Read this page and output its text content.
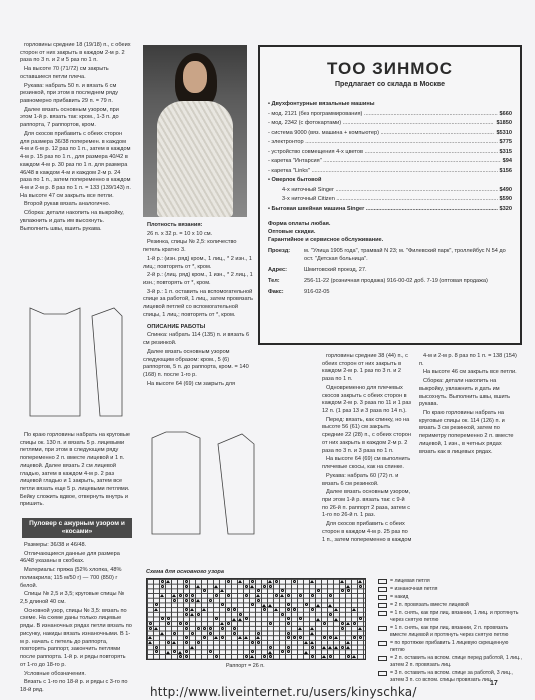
горловины средние 18 (19/18) п., с обеих сторон от них закрыть в каждом 2-м р. 2 раза по 3 п. и 2 и 5 раз по 1 п.

На высоте 70 (71/72) см закрыть оставшиеся петли плеча.

Рукава: набрать 50 п. и вязать 6 см резинкой, при этом в последнем ряду равномерно прибавить 29 п. = 79 п.

Далее вязать основным узором, при этом 1-й р. вязать так: кром., 1-3 п. до раппорта, 7 раппортов, кром.

Для скосов прибавить с обеих сторон для размера 36/38 поперемен. в каждом 4-м и 6-м р. 12 раз по 1 п., затем в каждом 4-м р. 15 раз по 1 п., для размера 40/42 в каждом 4-м р. 30 раз по 1 п. для размера 46/48 в каждом 4-м и каждом 2-м р. 24 раза по 1 п., затем попеременно в каждом 4-м и 2-м р. 8 раз по 1 п. = 133 (139/143) п. На высоте 47 см закрыть все петли.

Второй рукав вязать аналогично.

Сборка: детали накопить на выкройку, увлажнить и дать им высохнуть. Выполнить швы, вшить рукава.

По краю горловины набрать на круговые спицы ок. 130 п. и вязать 5 р. лицевыми петлями, при этом в следующем ряду попеременно 2 п. вместе лицевой и 1 п. лицевой. Далее вязать 2 см лицевой гладью, затем в каждом 4-м р. 2 раз лицевой гладью и 1 закрыть, затем все петли вязать еще 5 р. лицевыми петлями. Бейку сложить вдвое, отвернуть внутрь и пришить.

Пуловер с ажурным узором и «косами»

Размеры: 36/38 и 46/48.

Отличающиеся данные для размера 46/48 указаны в скобках.

Материалы: пряжа (52% хлопка, 48% полиакрила; 115 м/50 г) — 700 (850) г белой.

Спицы № 2,5 и 3,5; круговые спицы № 2,5 длиной 40 см.

Основной узор, спицы № 3,5: вязать по схеме. На схеме даны только лицевые ряды. В изнаночных рядах петли вязать по рисунку, накиды вязать изнаночными. В 1-м р. начать с петель до раппорта, повторять раппорт, закончить петлями после раппорта. 1-й р. и ряды повторять от 1-го до 18-го р.

Условные обозначения.

Вязать с 1-го по 18-й р. и ряды с 3-го по 18-й ряд.

Плотность вязания:

26 п. x 32 р. = 10 x 10 см.

Резинка, спицы № 2,5: количество петель кратно 3.

1-й р.: (изн. ряд) кром., 1 лиц., * 2 изн., 1 лиц.; повторять от *, кром.

2-й р.: (лиц. ряд) кром., 1 изн., * 2 лиц., 1 изн.; повторять от *, кром.

3-й р.: 1 п. оставить на вспомогательной спице за работой, 1 лиц., затем провязать лицевой петлей со вспомогательной спицы, 1 лиц.; повторять от *, кром.

ОПИСАНИЕ РАБОТЫ

Спинка: набрать 114 (135) п. и вязать 6 см резинкой.

Далее вязать основным узором следующим образом: кром., 5 (6) раппортов, 5 п. до раппорта, кром. = 140 (168) п. после 1-го р.

На высоте 64 (69) см закрыть для

ТОО ЗИНМОС
Предлагает со склада в Москве
• Двухфонтурные вязальные машины
- мод. 2121 (без программирования) .....	$660
- мод. 2342 (с фотокартами) .....	$1850
- система 9000 (вяз. машина + компьютер) .....	$5310
- электронтор .....	$775
- устройство совмещения 4-х цветов .....	$315
- каретка "Интарсия" .....	$94
- каретка "Links" .....	$156
• Оверлок бытовой
4-х ниточный Singer .....	$490
3-х ниточный Citizen .....	$590
• Бытовая швейная машина Singer .....	$320
Форма оплаты любая.
Оптовые скидки.
Гарантийное и сервисное обслуживание.
Проезд:	м. "Улица 1905 года", трамвай N 23; м. "Филевский парк", троллейбус N 54 до ост. "Детская больница".
Адрес:	Шмитовский проезд, 27.
Тел:	256-11-22 (розничная продажа) 916-00-02 доб. 7-19 (оптовая продажа)
Факс:	916-02-05

горловины средние 38 (44) п., с обеих сторон от них закрыть в каждом 2-м р. 1 раз по 3 п. и 2 раза по 1 п.

Одновременно для плечевых скосов закрыть с обеих сторон в каждом 2-м р. 3 раза по 11 и 1 раз 12 п. (1 раз 13 и 3 раза по 14 п.).

Перед: вязать, как спинку, но на высоте 56 (61) см закрыть средние 22 (28) п., с обеих сторон от них закрыть в каждом 2-м р. 2 раза по 3 п. и 3 раза по 1 п.

На высоте 64 (69) см выполнить плечевые скосы, как на спинке.

Рукава: набрать 60 (72) п. и вязать 6 см резинкой.

Далее вязать основным узором, при этом 1-й р. вязать так: с 9-й по 26-й п. раппорт 2 раза, затем с 1-го по 26-й п. 1 раз.

Для скосов прибавить с обеих сторон в каждом 4-м р. 25 раз по 1 п., затем попеременно в каждом

4-м и 2-м р. 8 раз по 1 п. = 138 (154) п.

На высоте 46 см закрыть все петли.

Сборка: детали накопить на выкройку, увлажнить и дать им высохнуть. Выполнить швы, вшить рукава.

По краю горловины набрать на круговые спицы ок. 114 (126) п. и вязать 3 см резинкой, затем по периметру попеременно 2 п. вместе лицевой, 1 изн., в четных рядах вязать как в лицевых рядах.

Схема для основного узора
Раппорт = 26 п.
= лицевая петля
= изнаночная петля
= накид
= 2 п. провязать вместе лицевой
= 1 п. снять, как при лиц. вязании, 1 лиц. и протянуть через снятую петлю
= 1 п. снять, как при лиц. вязании, 2 п. провязать вместе лицевой и протянуть через снятую петлю
= по протяжке прибавить 1 лицевую скрещенную петлю
= 2 п. оставить на вспом. спице перед работой, 1 лиц., затем 2 п. провязать лиц.
= 3 п. оставить на вспом. спице за работой, 3 лиц., затем 3 п. со вспом. спицы провязать лиц.
http://www.liveinternet.ru/users/kinyschka/
17
